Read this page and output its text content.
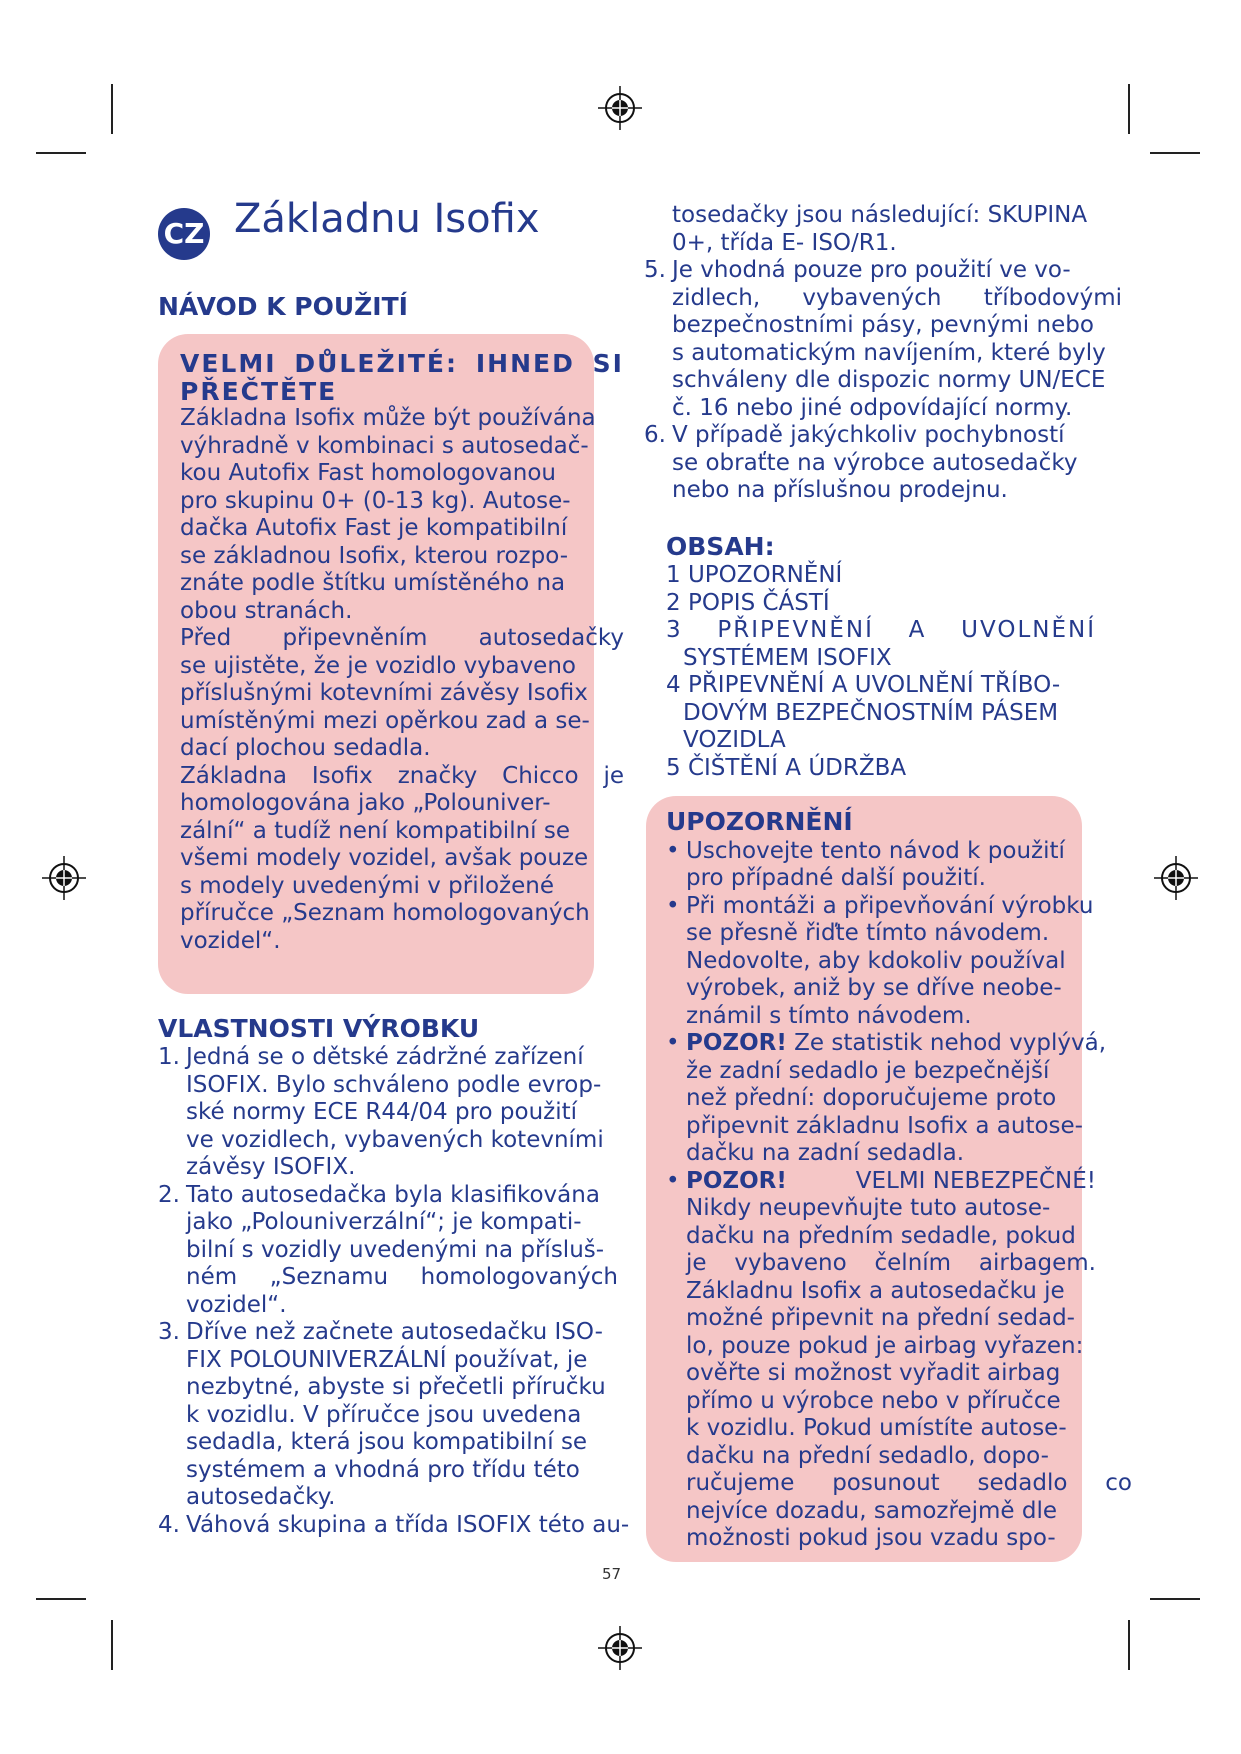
CZ Základnu Isofix
NÁVOD K POUŽITÍ
VELMI DŮLEŽITÉ: IHNED SI
PŘEČTĚTE
Základna Isofix může být používána
výhradně v kombinaci s autosedač-
kou Autofix Fast homologovanou
pro skupinu 0+ (0-13 kg). Autose-
dačka Autofix Fast je kompatibilní
se základnou Isofix, kterou rozpo-
znáte podle štítku umístěného na
obou stranách.
Před připevněním autosedačky
se ujistěte, že je vozidlo vybaveno
příslušnými kotevními závěsy Isofix
umístěnými mezi opěrkou zad a se-
dací plochou sedadla.
Základna Isofix značky Chicco je
homologována jako „Polouniver-
zální“ a tudíž není kompatibilní se
všemi modely vozidel, avšak pouze
s modely uvedenými v přiložené
příručce „Seznam homologovaných
vozidel“.
VLASTNOSTI VÝROBKU
1. Jedná se o dětské zádržné zařízení
ISOFIX. Bylo schváleno podle evrop-
ské normy ECE R44/04 pro použití
ve vozidlech, vybavených kotevními
závěsy ISOFIX.
2. Tato autosedačka byla klasifikována
jako „Polouniverzální“; je kompati-
bilní s vozidly uvedenými na přísluš-
ném „Seznamu homologovaných
vozidel“.
3. Dříve než začnete autosedačku ISO-
FIX POLOUNIVERZÁLNÍ používat, je
nezbytné, abyste si přečetli příručku
k vozidlu. V příručce jsou uvedena
sedadla, která jsou kompatibilní se
systémem a vhodná pro třídu této
autosedačky.
4. Váhová skupina a třída ISOFIX této au-
tosedačky jsou následující: SKUPINA
0+, třída E- ISO/R1.
5. Je vhodná pouze pro použití ve vo-
zidlech, vybavených tříbodovými
bezpečnostními pásy, pevnými nebo
s automatickým navíjením, které byly
schváleny dle dispozic normy UN/ECE
č. 16 nebo jiné odpovídající normy.
6. V případě jakýchkoliv pochybností
se obraťte na výrobce autosedačky
nebo na příslušnou prodejnu.
OBSAH:
1 UPOZORNĚNÍ
2 POPIS ČÁSTÍ
3 PŘIPEVNĚNÍ A UVOLNĚNÍ
SYSTÉMEM ISOFIX
4 PŘIPEVNĚNÍ A UVOLNĚNÍ TŘÍBO-
DOVÝM BEZPEČNOSTNÍM PÁSEM
VOZIDLA
5 ČIŠTĚNÍ A ÚDRŽBA
UPOZORNĚNÍ
• Uschovejte tento návod k použití
pro případné další použití.
• Při montáži a připevňování výrobku
se přesně řiďte tímto návodem.
Nedovolte, aby kdokoliv používal
výrobek, aniž by se dříve neobe-
známil s tímto návodem.
• POZOR! Ze statistik nehod vyplývá,
že zadní sedadlo je bezpečnější
než přední: doporučujeme proto
připevnit základnu Isofix a autose-
dačku na zadní sedadla.
• POZOR!	VELMI NEBEZPEČNÉ!
Nikdy neupevňujte tuto autose-
dačku na předním sedadle, pokud
je vybaveno čelním airbagem.
Základnu Isofix a autosedačku je
možné připevnit na přední sedad-
lo, pouze pokud je airbag vyřazen:
ověřte si možnost vyřadit airbag
přímo u výrobce nebo v příručce
k vozidlu. Pokud umístíte autose-
dačku na přední sedadlo, dopo-
ručujeme posunout sedadlo co
nejvíce dozadu, samozřejmě dle
možnosti pokud jsou vzadu spo-
57
